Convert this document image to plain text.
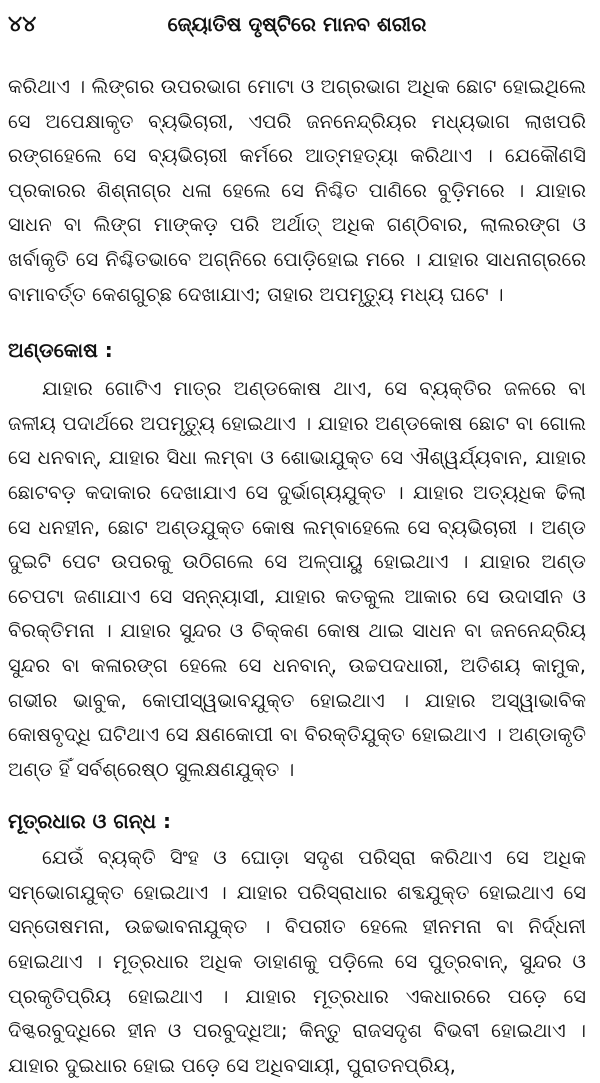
୪୪	ଜ୍ୟୋତିଷ ଦୃଷ୍ଟିରେ ମାନବ ଶରୀର

କରିଥାଏ । ଲିଙ୍ଗର ଉପରଭାଗ ମୋଟା ଓ ଅଗ୍ରଭାଗ ଅଧିକ ଛୋଟ ହୋଇଥିଲେ ସେ ଅପେକ୍ଷାକୃତ ବ୍ୟଭିଚାରୀ, ଏପରି ଜନନେନ୍ଦ୍ରିୟର ମଧ୍ୟଭାଗ ଲାଖପରି ରଙ୍ଗହେଲେ ସେ ବ୍ୟଭିଚାରୀ କର୍ମରେ ଆତ୍ମହତ୍ୟା କରିଥାଏ । ଯେକୌଣସି ପ୍ରକାରର ଶିଶ୍ନାଗ୍ର ଧଳା ହେଲେ ସେ ନିଶ୍ଚିତ ପାଣିରେ ବୁଡ଼ିମରେ । ଯାହାର ସାଧନ ବା ଲିଙ୍ଗ ମାଙ୍କଡ଼ ପରି ଅର୍ଥାତ୍ ଅଧିକ ଗଣ୍ଠିବାର, ଲାଲରଙ୍ଗ ଓ ଖର୍ବାକୃତି ସେ ନିଶ୍ଚିତଭାବେ ଅଗ୍ନିରେ ପୋଡ଼ିହୋଇ ମରେ । ଯାହାର ସାଧନାଗ୍ରରେ ବାମାବର୍ତ୍ତ କେଶଗୁଚ୍ଛ ଦେଖାଯାଏ; ତାହାର ଅପମୃତ୍ୟୁ ମଧ୍ୟ ଘଟେ ।

ଅଣ୍ଡକୋଷ :

ଯାହାର ଗୋଟିଏ ମାତ୍ର ଅଣ୍ଡକୋଷ ଥାଏ, ସେ ବ୍ୟକ୍ତିର ଜଳରେ ବା ଜଳୀୟ ପଦାର୍ଥରେ ଅପମୃତ୍ୟୁ ହୋଇଥାଏ । ଯାହାର ଅଣ୍ଡକୋଷ ଛୋଟ ବା ଗୋଲ ସେ ଧନବାନ୍, ଯାହାର ସିଧା ଲମ୍ବା ଓ ଶୋଭାଯୁକ୍ତ ସେ ଐଶ୍ୱର୍ଯ୍ୟବାନ, ଯାହାର ଛୋଟବଡ଼ କଦାକାର ଦେଖାଯାଏ ସେ ଦୁର୍ଭାଗ୍ୟଯୁକ୍ତ । ଯାହାର ଅତ୍ୟଧିକ ଢିଲା ସେ ଧନହୀନ, ଛୋଟ ଅଣ୍ଡଯୁକ୍ତ କୋଷ ଲମ୍ବାହେଲେ ସେ ବ୍ୟଭିଚାରୀ । ଅଣ୍ଡ ଦୁଇଟି ପେଟ ଉପରକୁ ଉଠିଗଲେ ସେ ଅଳ୍ପାୟୁ ହୋଇଥାଏ । ଯାହାର ଅଣ୍ଡ ଚେପଟା ଜଣାଯାଏ ସେ ସନ୍ନ୍ୟାସୀ, ଯାହାର କତକୁଲ ଆକାର ସେ ଉଦାସୀନ ଓ ବିରକ୍ତିମନା । ଯାହାର ସୁନ୍ଦର ଓ ଚିକ୍କଣ କୋଷ ଥାଇ ସାଧନ ବା ଜନନେନ୍ଦ୍ରିୟ ସୁନ୍ଦର ବା କଳାରଙ୍ଗ ହେଲେ ସେ ଧନବାନ୍, ଉଚ୍ଚପଦଧାରୀ, ଅତିଶୟ କାମୁକ, ଗଭୀର ଭାବୁକ, କୋପୀସ୍ୱଭାବଯୁକ୍ତ ହୋଇଥାଏ । ଯାହାର ଅସ୍ୱାଭାବିକ କୋଷବୃଦ୍ଧି ଘଟିଥାଏ ସେ କ୍ଷଣକୋପୀ ବା ବିରକ୍ତିଯୁକ୍ତ ହୋଇଥାଏ । ଅଣ୍ଡାକୃତି ଅଣ୍ଡ ହିଁ ସର୍ବଶ୍ରେଷ୍ଠ ସୁଲକ୍ଷଣଯୁକ୍ତ ।

ମୂତ୍ରଧାର ଓ ଗନ୍ଧ :

ଯେଉଁ ବ୍ୟକ୍ତି ସିଂହ ଓ ଘୋଡ଼ା ସଦୃଶ ପରିସ୍ରା କରିଥାଏ ସେ ଅଧିକ ସମ୍ଭୋଗଯୁକ୍ତ ହୋଇଥାଏ । ଯାହାର ପରିସ୍ରାଧାର ଶବ୍ଦଯୁକ୍ତ ହୋଇଥାଏ ସେ ସନ୍ତୋଷମନା, ଉଚ୍ଚଭାବନାଯୁକ୍ତ । ବିପରୀତ ହେଲେ ହୀନମନା ବା ନିର୍ଦ୍ଧନୀ ହୋଇଥାଏ । ମୂତ୍ରଧାର ଅଧିକ ଡାହାଣକୁ ପଡ଼ିଲେ ସେ ପୁତ୍ରବାନ୍, ସୁନ୍ଦର ଓ ପ୍ରକୃତିପ୍ରିୟ ହୋଇଥାଏ । ଯାହାର ମୂତ୍ରଧାର ଏକଧାରରେ ପଡ଼େ ସେ ଦିଗ୍ଦରବୁଦ୍ଧିରେ ହୀନ ଓ ପରବୁଦ୍ଧିଆ; କିନ୍ତୁ ରାଜସଦୃଶ ବିଭବୀ ହୋଇଥାଏ । ଯାହାର ଦୁଇଧାର ହୋଇ ପଡ଼େ ସେ ଅଧିବସାୟୀ, ପୁରାତନପ୍ରିୟ,
